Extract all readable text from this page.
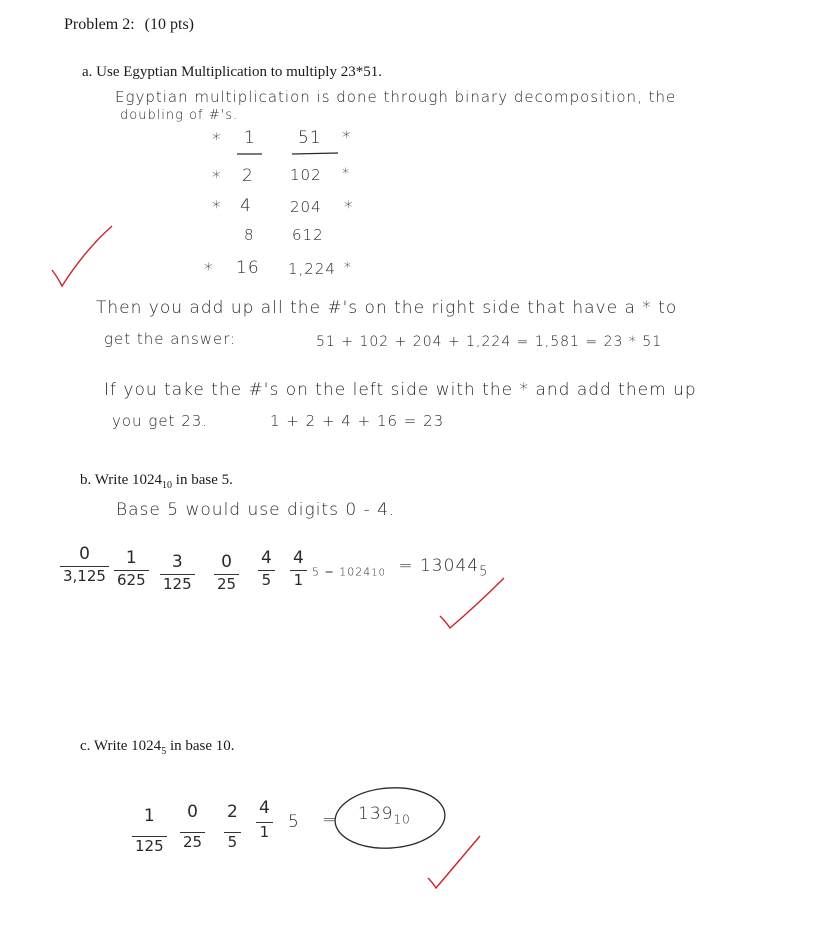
Problem 2: (10 pts)
a. Use Egyptian Multiplication to multiply 23*51.
Egyptian multiplication is done through binary decomposition, the
doubling of #'s.
* 1 51 *
* 2 102 *
* 4	204 *
8 612
* 16 1,224 *
Then you add up all the #'s on the right side that have a * to
get the answer:	51 + 102 + 204 + 1,224 = 1,581 = 23 * 51
If you take the #'s on the left side with the * and add them up
you get 23.	1 + 2 + 4 + 16 = 23
b. Write $1024_{10}$ in base 5.
Base 5 would use digits 0 - 4.
$\frac{0}{3,125} \frac{1}{625} \frac{3}{125} \frac{0}{25} \frac{4}{5} \frac{4}{1} _{5 = 102410} = 13044_5$
c. Write $1024_5$ in base 10.
$\frac{1}{125} \frac{0}{25} \frac{2}{5} \frac{4}{1} 5 = 139_{10}$
